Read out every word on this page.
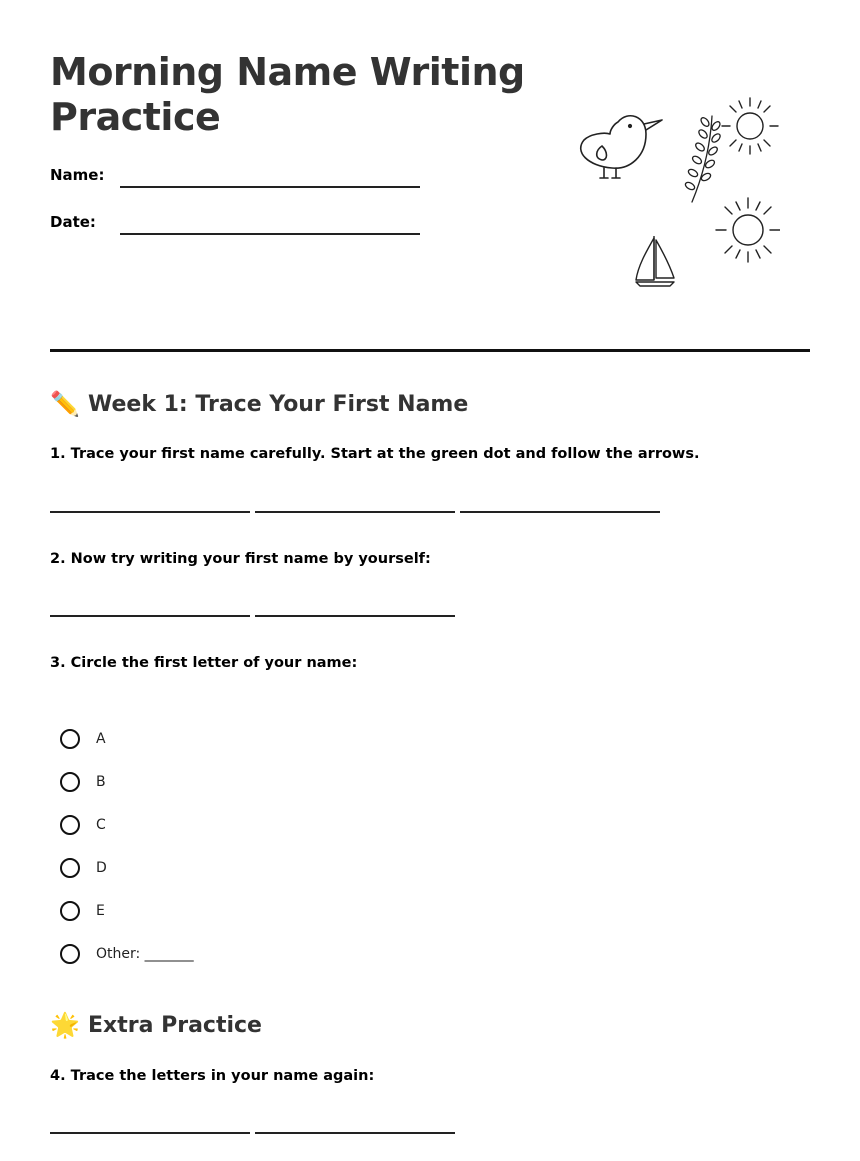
Morning Name Writing Practice
Name:
Date:
✏️ Week 1: Trace Your First Name
1. Trace your first name carefully. Start at the green dot and follow the arrows.
2. Now try writing your first name by yourself:
3. Circle the first letter of your name:
A
B
C
D
E
Other: _______
🌟 Extra Practice
4. Trace the letters in your name again:
